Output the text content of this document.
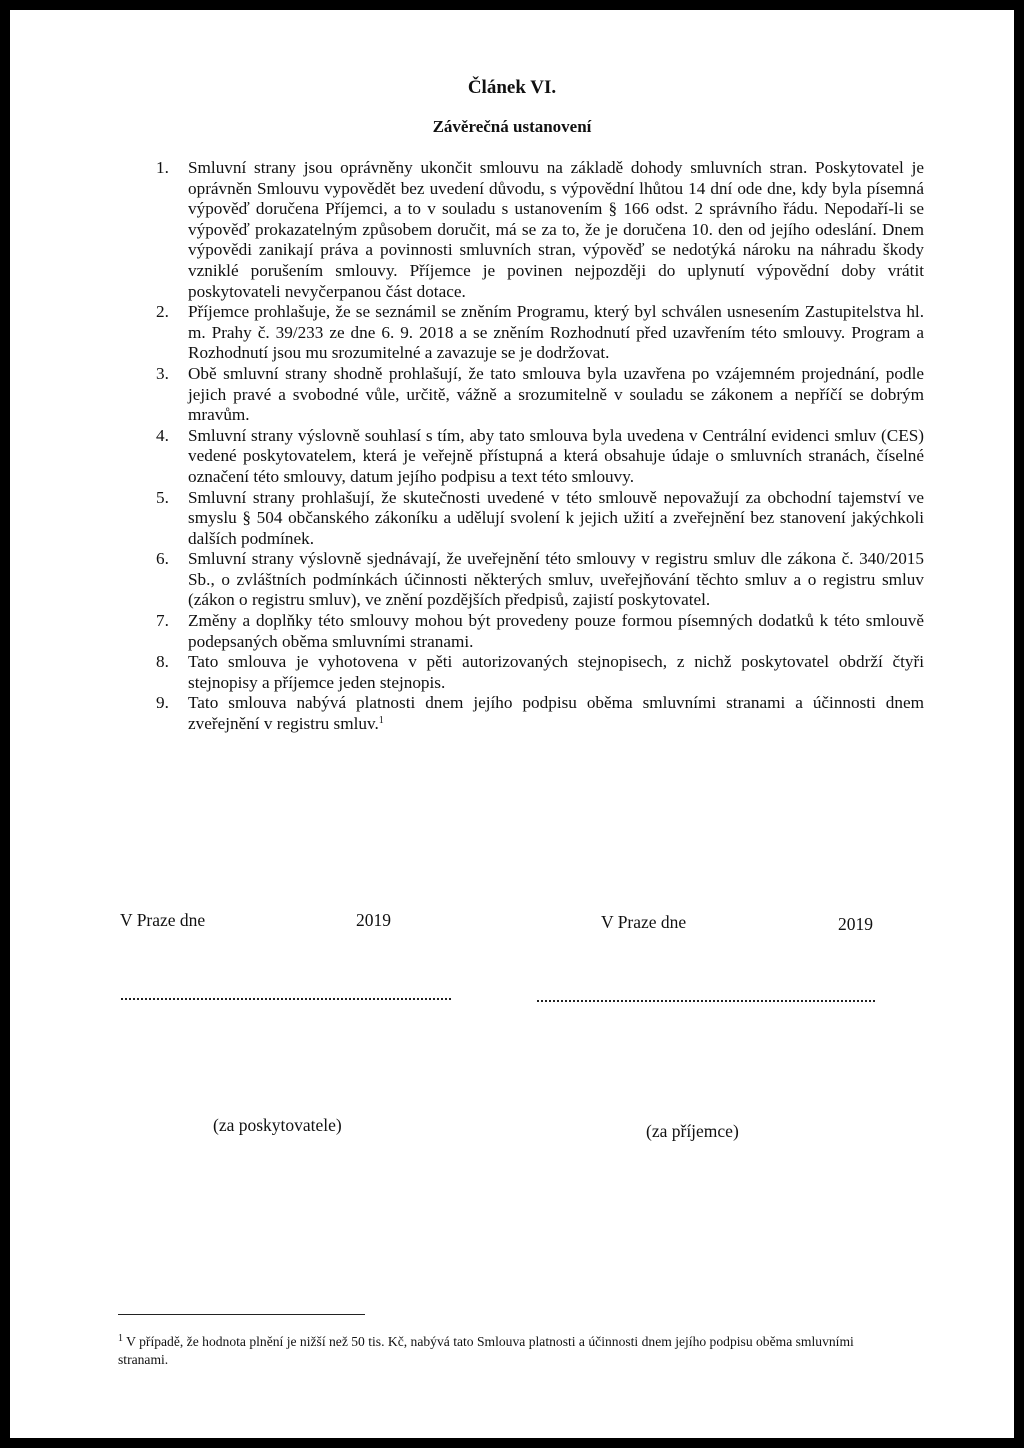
Článek VI.

Závěrečná ustanovení

1.	Smluvní strany jsou oprávněny ukončit smlouvu na základě dohody smluvních stran. Poskytovatel je oprávněn Smlouvu vypovědět bez uvedení důvodu, s výpovědní lhůtou 14 dní ode dne, kdy byla písemná výpověď doručena Příjemci, a to v souladu s ustanovením § 166 odst. 2 správního řádu. Nepodaří-li se výpověď prokazatelným způsobem doručit, má se za to, že je doručena 10. den od jejího odeslání. Dnem výpovědi zanikají práva a povinnosti smluvních stran, výpověď se nedotýká nároku na náhradu škody vzniklé porušením smlouvy. Příjemce je povinen nejpozději do uplynutí výpovědní doby vrátit poskytovateli nevyčerpanou část dotace.
2.	Příjemce prohlašuje, že se seznámil se zněním Programu, který byl schválen usnesením Zastupitelstva hl. m. Prahy č. 39/233 ze dne 6. 9. 2018 a se zněním Rozhodnutí před uzavřením této smlouvy. Program a Rozhodnutí jsou mu srozumitelné a zavazuje se je dodržovat.
3.	Obě smluvní strany shodně prohlašují, že tato smlouva byla uzavřena po vzájemném projednání, podle jejich pravé a svobodné vůle, určitě, vážně a srozumitelně v souladu se zákonem a nepříčí se dobrým mravům.
4.	Smluvní strany výslovně souhlasí s tím, aby tato smlouva byla uvedena v Centrální evidenci smluv (CES) vedené poskytovatelem, která je veřejně přístupná a která obsahuje údaje o smluvních stranách, číselné označení této smlouvy, datum jejího podpisu a text této smlouvy.
5.	Smluvní strany prohlašují, že skutečnosti uvedené v této smlouvě nepovažují za obchodní tajemství ve smyslu § 504 občanského zákoníku a udělují svolení k jejich užití a zveřejnění bez stanovení jakýchkoli dalších podmínek.
6.	Smluvní strany výslovně sjednávají, že uveřejnění této smlouvy v registru smluv dle zákona č. 340/2015 Sb., o zvláštních podmínkách účinnosti některých smluv, uveřejňování těchto smluv a o registru smluv (zákon o registru smluv), ve znění pozdějších předpisů, zajistí poskytovatel.
7.	Změny a doplňky této smlouvy mohou být provedeny pouze formou písemných dodatků k této smlouvě podepsaných oběma smluvními stranami.
8.	Tato smlouva je vyhotovena v pěti autorizovaných stejnopisech, z nichž poskytovatel obdrží čtyři stejnopisy a příjemce jeden stejnopis.
9.	Tato smlouva nabývá platnosti dnem jejího podpisu oběma smluvními stranami a účinnosti dnem zveřejnění v registru smluv.$^1$

V Praze dne	2019	V Praze dne	2019

(za poskytovatele)	(za příjemce)

$^1$ V případě, že hodnota plnění je nižší než 50 tis. Kč, nabývá tato Smlouva platnosti a účinnosti dnem jejího podpisu oběma smluvními stranami.
